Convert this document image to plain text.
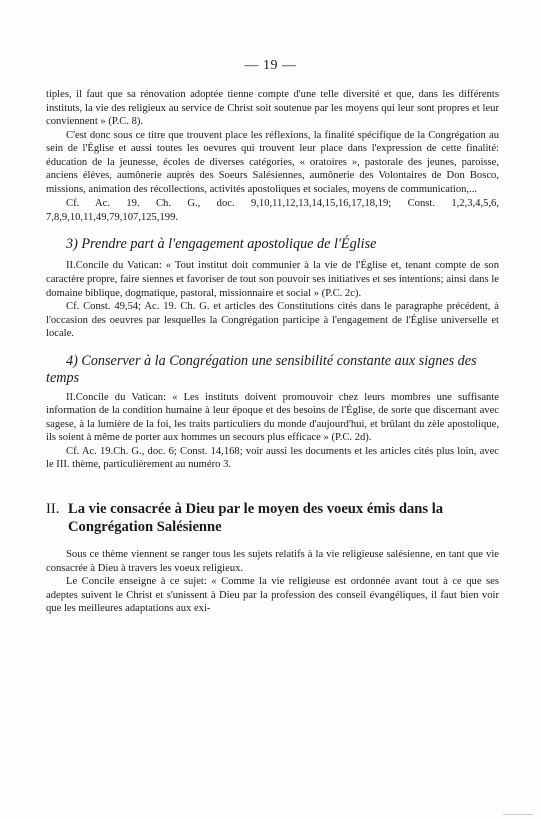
— 19 —

tiples, il faut que sa rénovation adoptée tienne compte d'une telle diversité et que, dans les différents instituts, la vie des religieux au service de Christ soit soutenue par les moyens qui leur sont propres et leur conviennent » (P.C. 8).

C'est donc sous ce titre que trouvent place les réflexions, la finalité spécifique de la Congrégation au sein de l'Église et aussi toutes les oevures qui trouvent leur place dans l'expression de cette finalité: éducation de la jeunesse, écoles de diverses catégories, « oratoires », pastorale des jeunes, paroisse, anciens élèves, aumônerie auprès des Soeurs Salésiennes, aumônerie des Volontaires de Don Bosco, missions, animation des récollections, activités apostoliques et sociales, moyens de communication,...

Cf. Ac. 19. Ch. G., doc. 9,10,11,12,13,14,15,16,17,18,19; Const. 1,2,3,4,5,6, 7,8,9,10,11,49,79,107,125,199.

3) Prendre part à l'engagement apostolique de l'Église

II.Concile du Vatican: « Tout institut doit communier à la vie de l'Église et, tenant compte de son caractère propre, faire siennes et favoriser de tout son pouvoir ses initiatives et ses intentions; ainsi dans le domaine biblique, dogmatique, pastoral, missionnaire et social » (P.C. 2c).

Cf. Const. 49,54; Ac. 19. Ch. G. et articles des Constitutions cités dans le paragraphe précédent, à l'occasion des oeuvres par lesquelles la Congrégation participe à l'engagement de l'Église universelle et locale.

4) Conserver à la Congrégation une sensibilité constante aux signes des temps

II.Concile du Vatican: « Les instituts doivent promouvoir chez leurs mombres une suffisante information de la condition humaine à leur époque et des besoins de l'Église, de sorte que discernant avec sagese, à la lumière de la foi, les traits particuliers du monde d'aujourd'hui, et brûlant du zèle apostolique, ils soient à même de porter aux hommes un secours plus efficace » (P.C. 2d).

Cf. Ac. 19.Ch. G., doc. 6; Const. 14,168; voir aussi les documents et les articles cités plus loin, avec le III. thème, particulièrement au numéro 3.

II. La vie consacrée à Dieu par le moyen des voeux émis dans la Congrégation Salésienne

Sous ce thème viennent se ranger tous les sujets relatifs à la vie religieuse salésienne, en tant que vie consacrée à Dieu à travers les voeux religieux.

Le Concile enseigne à ce sujet: « Comme la vie religieuse est ordonnée avant tout à ce que ses adeptes suivent le Christ et s'unissent à Dieu par la profession des conseil évangéliques, il faut bien voir que les meilleures adaptations aux exi-
